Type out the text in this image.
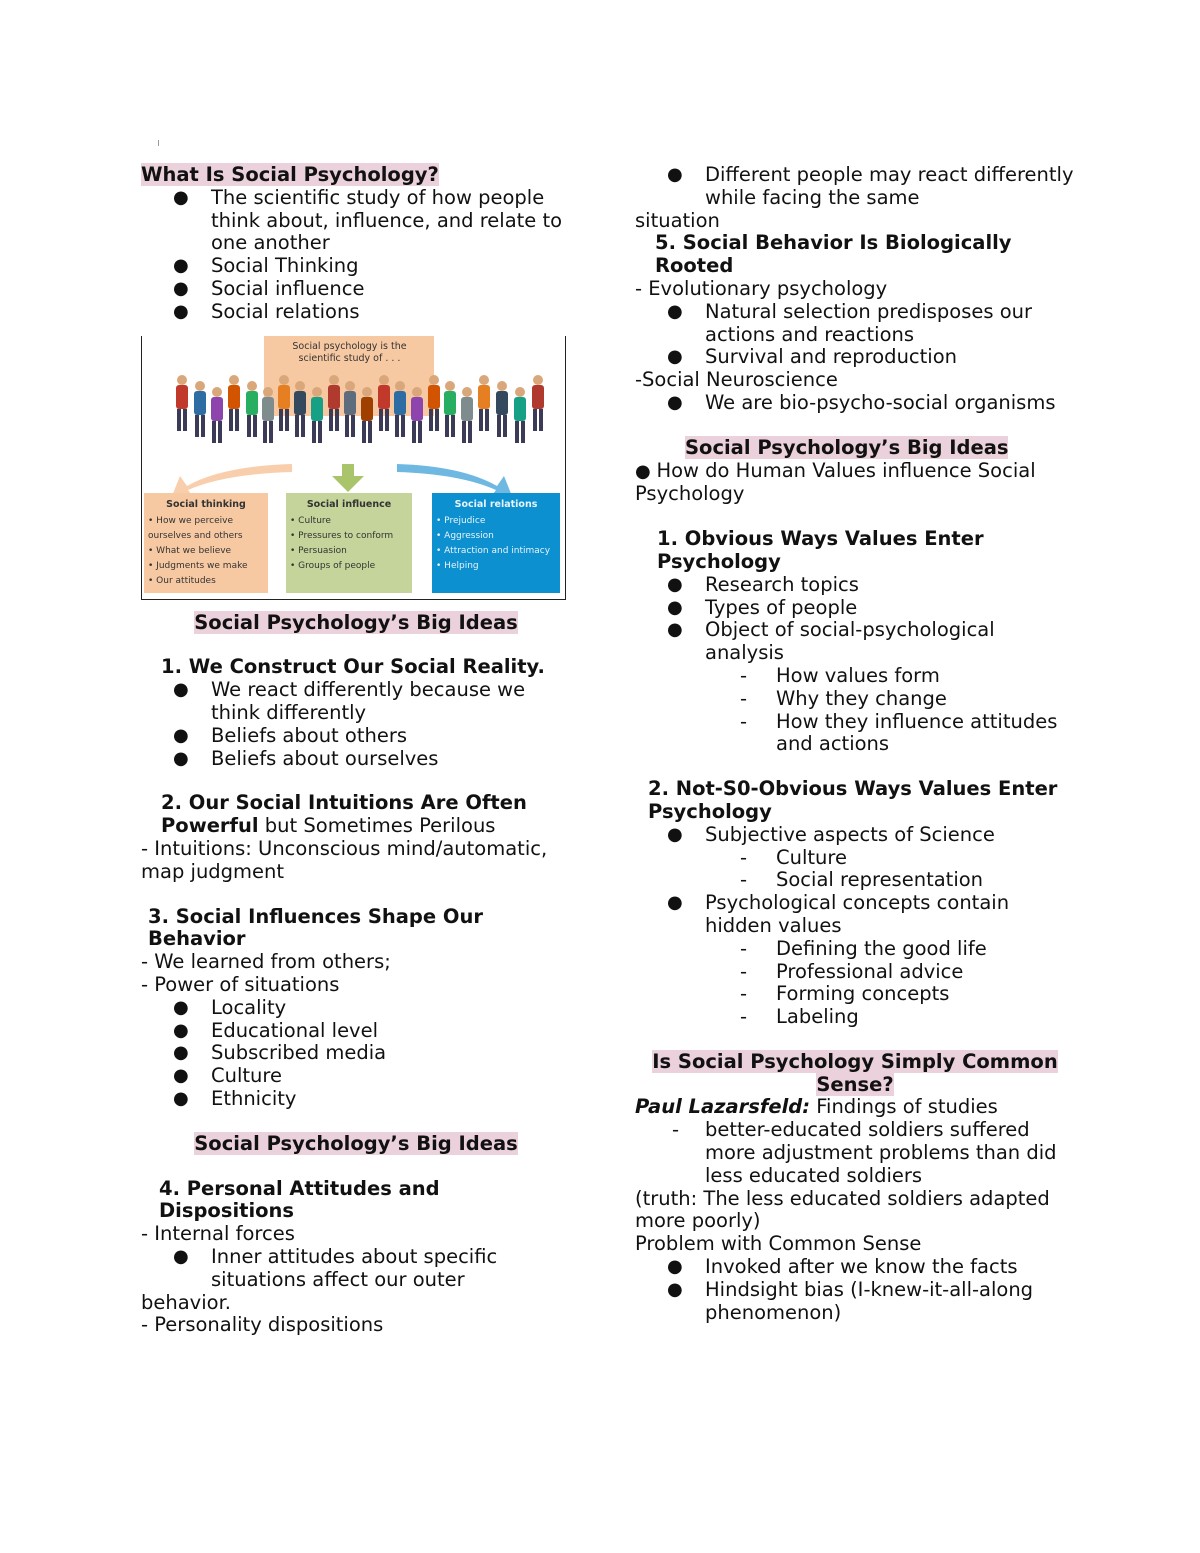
What Is Social Psychology?

● The scientific study of how people think about, influence, and relate to one another
● Social Thinking
● Social influence
● Social relations
Social psychology is the scientific study of . . .
Social thinking
• How we perceive ourselves and others
• What we believe
• Judgments we make
• Our attitudes
Social influence
• Culture
• Pressures to conform
• Persuasion
• Groups of people
Social relations
• Prejudice
• Aggression
• Attraction and intimacy
• Helping

Social Psychology’s Big Ideas

1. We Construct Our Social Reality.

● We react differently because we think differently
● Beliefs about others
● Beliefs about ourselves

2. Our Social Intuitions Are Often Powerful but Sometimes Perilous

- Intuitions: Unconscious mind/automatic, map judgment

3. Social Influences Shape Our Behavior

- We learned from others;

- Power of situations

● Locality
● Educational level
● Subscribed media
● Culture
● Ethnicity

Social Psychology’s Big Ideas

4. Personal Attitudes and Dispositions

- Internal forces

● Inner attitudes about specific situations affect our outer

behavior.

- Personality dispositions

● Different people may react differently while facing the same

situation

5. Social Behavior Is Biologically Rooted

- Evolutionary psychology

● Natural selection predisposes our actions and reactions
● Survival and reproduction

-Social Neuroscience

● We are bio-psycho-social organisms

Social Psychology’s Big Ideas

● How do Human Values influence Social Psychology

1. Obvious Ways Values Enter Psychology

● Research topics
● Types of people
● Object of social-psychological analysis
- How values form
- Why they change
- How they influence attitudes and actions

2. Not-S0-Obvious Ways Values Enter Psychology

● Subjective aspects of Science
- Culture
- Social representation
● Psychological concepts contain hidden values
- Defining the good life
- Professional advice
- Forming concepts
- Labeling

Is Social Psychology Simply Common Sense?

Paul Lazarsfeld: Findings of studies

- better-educated soldiers suffered more adjustment problems than did less educated soldiers

(truth: The less educated soldiers adapted more poorly)

Problem with Common Sense

● Invoked after we know the facts
● Hindsight bias (I-knew-it-all-along phenomenon)
